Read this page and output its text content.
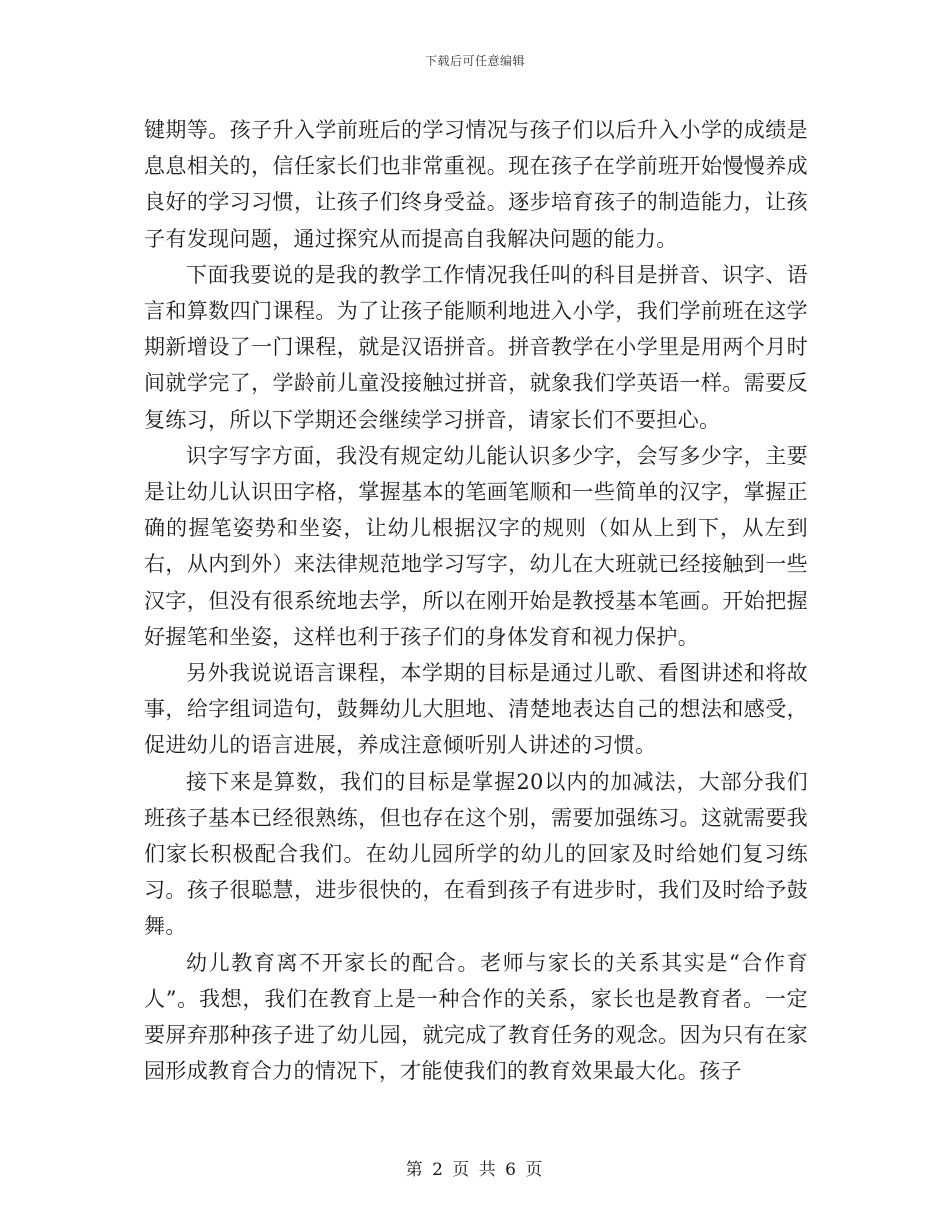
下载后可任意编辑

键期等。孩子升入学前班后的学习情况与孩子们以后升入小学的成绩是息息相关的，信任家长们也非常重视。现在孩子在学前班开始慢慢养成良好的学习习惯，让孩子们终身受益。逐步培育孩子的制造能力，让孩子有发现问题，通过探究从而提高自我解决问题的能力。

下面我要说的是我的教学工作情况我任叫的科目是拼音、识字、语言和算数四门课程。为了让孩子能顺利地进入小学，我们学前班在这学期新增设了一门课程，就是汉语拼音。拼音教学在小学里是用两个月时间就学完了，学龄前儿童没接触过拼音，就象我们学英语一样。需要反复练习，所以下学期还会继续学习拼音，请家长们不要担心。

识字写字方面，我没有规定幼儿能认识多少字，会写多少字，主要是让幼儿认识田字格，掌握基本的笔画笔顺和一些简单的汉字，掌握正确的握笔姿势和坐姿，让幼儿根据汉字的规则（如从上到下，从左到右，从内到外）来法律规范地学习写字，幼儿在大班就已经接触到一些汉字，但没有很系统地去学，所以在刚开始是教授基本笔画。开始把握好握笔和坐姿，这样也利于孩子们的身体发育和视力保护。

另外我说说语言课程，本学期的目标是通过儿歌、看图讲述和将故事，给字组词造句，鼓舞幼儿大胆地、清楚地表达自己的想法和感受，促进幼儿的语言进展，养成注意倾听别人讲述的习惯。

接下来是算数，我们的目标是掌握20以内的加减法，大部分我们班孩子基本已经很熟练，但也存在这个别，需要加强练习。这就需要我们家长积极配合我们。在幼儿园所学的幼儿的回家及时给她们复习练习。孩子很聪慧，进步很快的，在看到孩子有进步时，我们及时给予鼓舞。

幼儿教育离不开家长的配合。老师与家长的关系其实是“合作育人”。我想，我们在教育上是一种合作的关系，家长也是教育者。一定要屏弃那种孩子进了幼儿园，就完成了教育任务的观念。因为只有在家园形成教育合力的情况下，才能使我们的教育效果最大化。孩子

第 2 页 共 6 页
